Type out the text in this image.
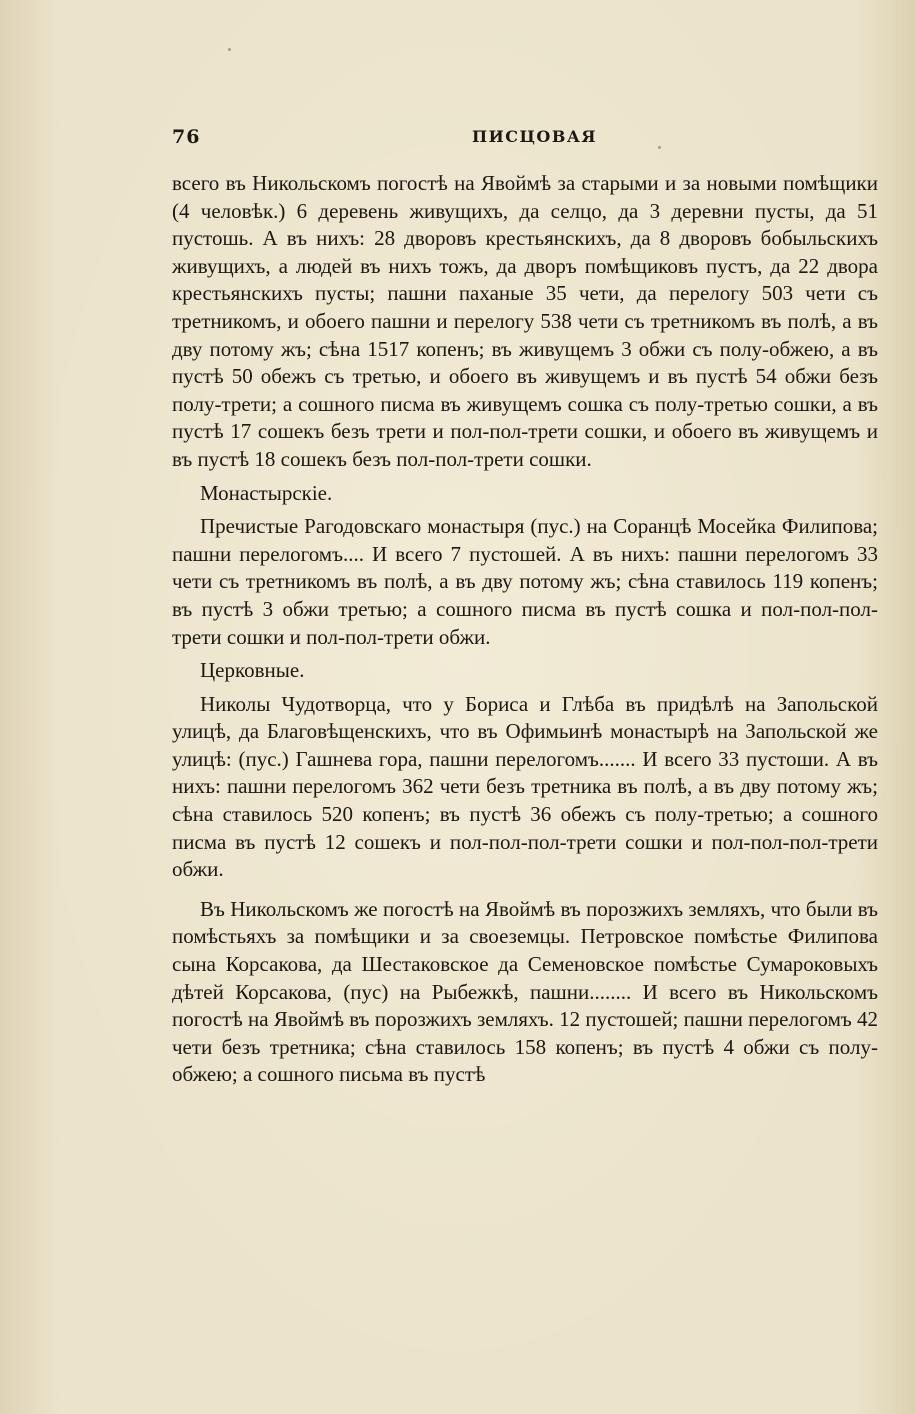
76	ПИСЦОВАЯ

всего въ Никольскомъ погостѣ на Явоймѣ за старыми и за новыми помѣщики (4 человѣк.) 6 деревень живущихъ, да селцо, да 3 деревни пусты, да 51 пустошь. А въ нихъ: 28 дворовъ крестьянскихъ, да 8 дворовъ бобыльскихъ живущихъ, а людей въ нихъ тожъ, да дворъ помѣщиковъ пустъ, да 22 двора крестьянскихъ пусты; пашни паханые 35 чети, да перелогу 503 чети съ третникомъ, и обоего пашни и перелогу 538 чети съ третникомъ въ полѣ, а въ дву потому жъ; сѣна 1517 копенъ; въ живущемъ 3 обжи съ полу-обжею, а въ пустѣ 50 обежъ съ третью, и обоего въ живущемъ и въ пустѣ 54 обжи безъ полу-трети; а сошного писма въ живущемъ сошка съ полу-третью сошки, а въ пустѣ 17 сошекъ безъ трети и пол-пол-трети сошки, и обоего въ живущемъ и въ пустѣ 18 сошекъ безъ пол-пол-трети сошки.

Монастырскіе.

Пречистые Рагодовскаго монастыря (пус.) на Соранцѣ Мосейка Филипова; пашни перелогомъ.... И всего 7 пустошей. А въ нихъ: пашни перелогомъ 33 чети съ третникомъ въ полѣ, а въ дву потому жъ; сѣна ставилось 119 копенъ; въ пустѣ 3 обжи третью; а сошного писма въ пустѣ сошка и пол-пол-пол-трети сошки и пол-пол-трети обжи.

Церковные.

Николы Чудотворца, что у Бориса и Глѣба въ придѣлѣ на Запольской улицѣ, да Благовѣщенскихъ, что въ Офимьинѣ монастырѣ на Запольской же улицѣ: (пус.) Гашнева гора, пашни перелогомъ....... И всего 33 пустоши. А въ нихъ: пашни перелогомъ 362 чети безъ третника въ полѣ, а въ дву потому жъ; сѣна ставилось 520 копенъ; въ пустѣ 36 обежъ съ полу-третью; а сошного писма въ пустѣ 12 сошекъ и пол-пол-пол-трети сошки и пол-пол-пол-трети обжи.

Въ Никольскомъ же погостѣ на Явоймѣ въ порозжихъ земляхъ, что были въ помѣстьяхъ за помѣщики и за своеземцы. Петровское помѣстье Филипова сына Корсакова, да Шестаковское да Семеновское помѣстье Сумароковыхъ дѣтей Корсакова, (пус) на Рыбежкѣ, пашни........ И всего въ Никольскомъ погостѣ на Явоймѣ въ порозжихъ земляхъ. 12 пустошей; пашни перелогомъ 42 чети безъ третника; сѣна ставилось 158 копенъ; въ пустѣ 4 обжи съ полу-обжею; а сошного письма въ пустѣ
